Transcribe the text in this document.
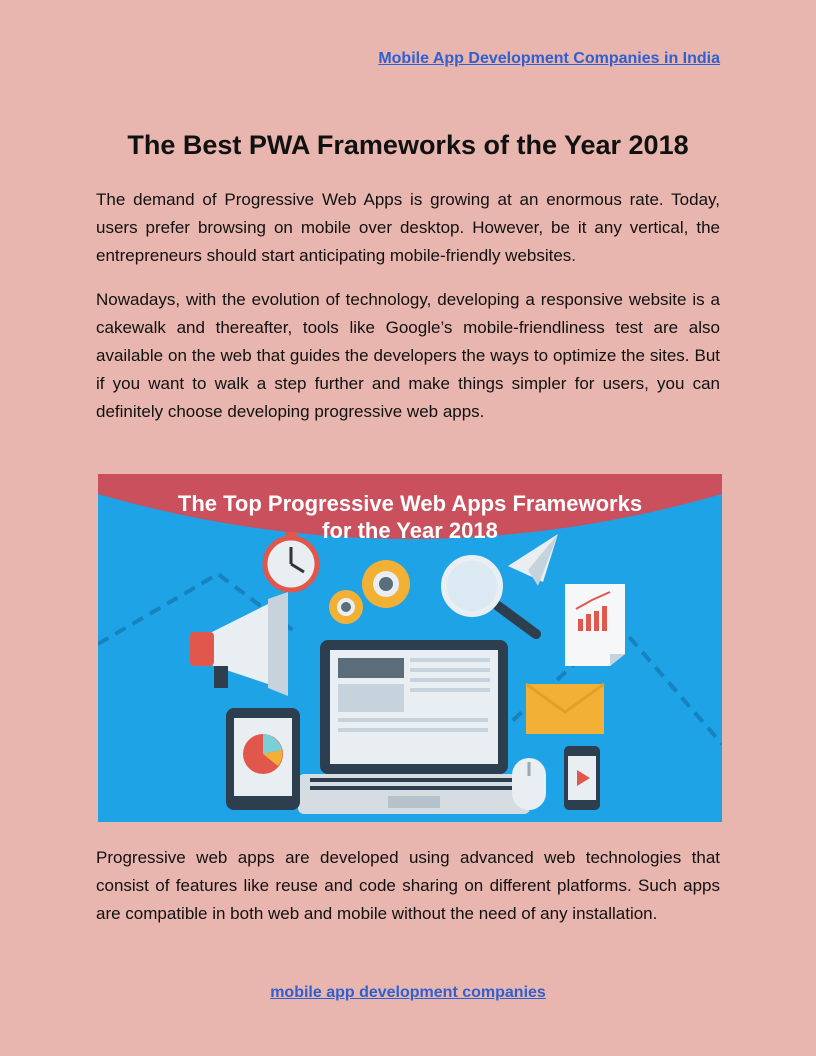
Mobile App Development Companies in India
The Best PWA Frameworks of the Year 2018

The demand of Progressive Web Apps is growing at an enormous rate. Today, users prefer browsing on mobile over desktop. However, be it any vertical, the entrepreneurs should start anticipating mobile-friendly websites.

Nowadays, with the evolution of technology, developing a responsive website is a cakewalk and thereafter, tools like Google’s mobile-friendliness test are also available on the web that guides the developers the ways to optimize the sites. But if you want to walk a step further and make things simpler for users, you can definitely choose developing progressive web apps.

The Top Progressive Web Apps Frameworks
for the Year 2018

Progressive web apps are developed using advanced web technologies that consist of features like reuse and code sharing on different platforms. Such apps are compatible in both web and mobile without the need of any installation.

mobile app development companies
